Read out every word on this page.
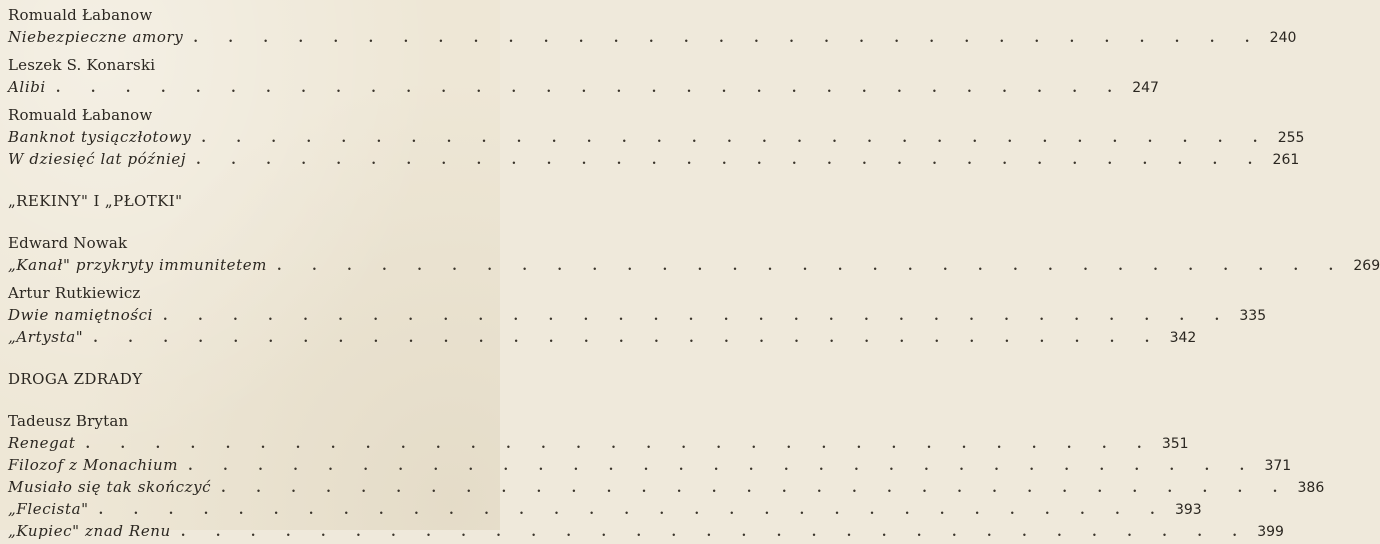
Romuald Łabanow
Niebezpieczne amory . . . . . . . . . . . . . . . . . . . . . . . . . . . . . . . 240
Leszek S. Konarski
Alibi . . . . . . . . . . . . . . . . . . . . . . . . . . . . . . . 247
Romuald Łabanow
Banknot tysiączłotowy . . . . . . . . . . . . . . . . . . . . . . . . . . . . . . . 255
W dziesięć lat później . . . . . . . . . . . . . . . . . . . . . . . . . . . . . . . 261
„REKINY" I „PŁOTKI"
Edward Nowak
„Kanał" przykryty immunitetem . . . . . . . . . . . . . . . . . . . . . . . . . . . . . . . 269
Artur Rutkiewicz
Dwie namiętności . . . . . . . . . . . . . . . . . . . . . . . . . . . . . . . 335
„Artysta" . . . . . . . . . . . . . . . . . . . . . . . . . . . . . . . 342
DROGA ZDRADY
Tadeusz Brytan
Renegat . . . . . . . . . . . . . . . . . . . . . . . . . . . . . . . 351
Filozof z Monachium . . . . . . . . . . . . . . . . . . . . . . . . . . . . . . . 371
Musiało się tak skończyć . . . . . . . . . . . . . . . . . . . . . . . . . . . . . . . 386
„Flecista" . . . . . . . . . . . . . . . . . . . . . . . . . . . . . . . 393
„Kupiec" znad Renu . . . . . . . . . . . . . . . . . . . . . . . . . . . . . . . 399
